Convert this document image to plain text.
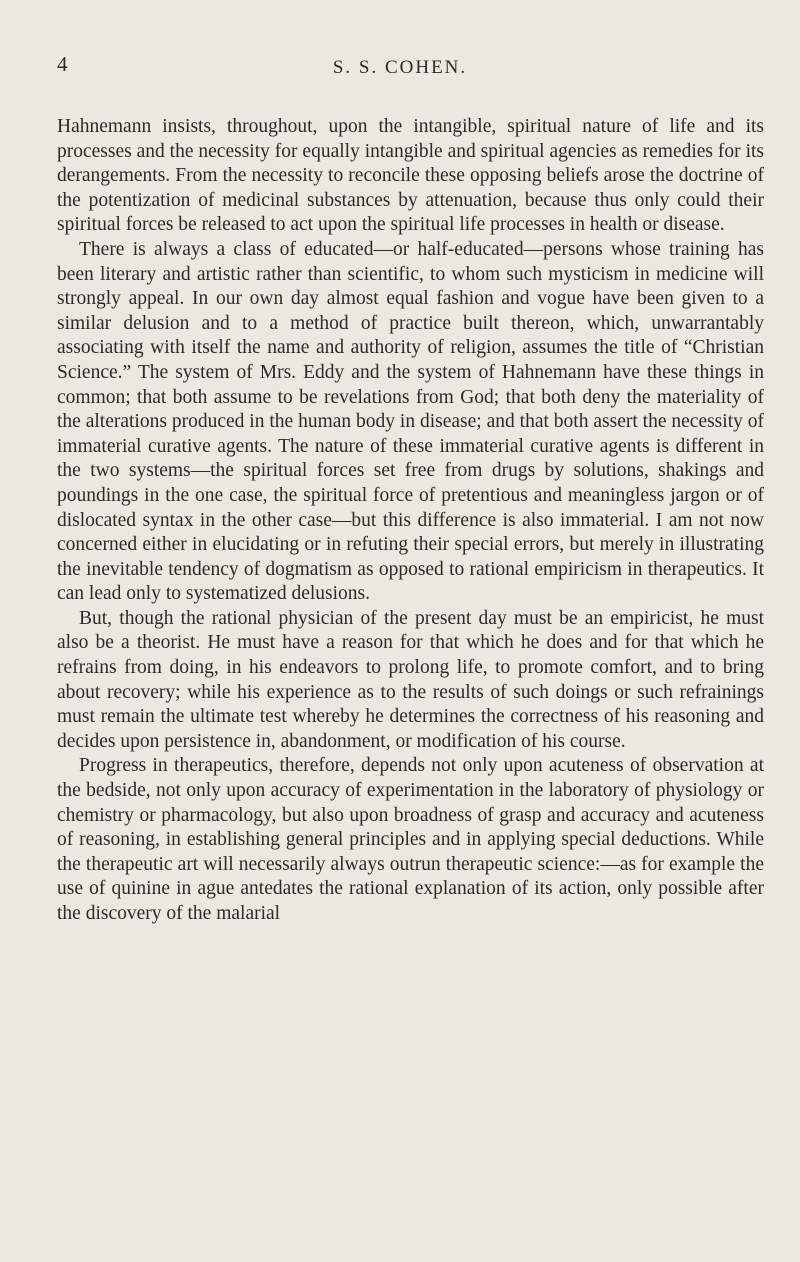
4	S. S. COHEN.

Hahnemann insists, throughout, upon the intangible, spiritual nature of life and its processes and the necessity for equally intangible and spiritual agencies as remedies for its derangements. From the necessity to reconcile these opposing beliefs arose the doctrine of the potentization of medicinal substances by attenuation, because thus only could their spiritual forces be released to act upon the spiritual life processes in health or disease.

There is always a class of educated—or half-educated—persons whose training has been literary and artistic rather than scientific, to whom such mysticism in medicine will strongly appeal. In our own day almost equal fashion and vogue have been given to a similar delusion and to a method of practice built thereon, which, unwarrantably associating with itself the name and authority of religion, assumes the title of “Christian Science.” The system of Mrs. Eddy and the system of Hahnemann have these things in common; that both assume to be revelations from God; that both deny the materiality of the alterations produced in the human body in disease; and that both assert the necessity of immaterial curative agents. The nature of these immaterial curative agents is different in the two systems—the spiritual forces set free from drugs by solutions, shakings and poundings in the one case, the spiritual force of pretentious and meaningless jargon or of dislocated syntax in the other case—but this difference is also immaterial. I am not now concerned either in elucidating or in refuting their special errors, but merely in illustrating the inevitable tendency of dogmatism as opposed to rational empiricism in therapeutics. It can lead only to systematized delusions.

But, though the rational physician of the present day must be an empiricist, he must also be a theorist. He must have a reason for that which he does and for that which he refrains from doing, in his endeavors to prolong life, to promote comfort, and to bring about recovery; while his experience as to the results of such doings or such refrainings must remain the ultimate test whereby he determines the correctness of his reasoning and decides upon persistence in, abandonment, or modification of his course.

Progress in therapeutics, therefore, depends not only upon acuteness of observation at the bedside, not only upon accuracy of experimentation in the laboratory of physiology or chemistry or pharmacology, but also upon broadness of grasp and accuracy and acuteness of reasoning, in establishing general principles and in applying special deductions. While the therapeutic art will necessarily always outrun therapeutic science:—as for example the use of quinine in ague antedates the rational explanation of its action, only possible after the discovery of the malarial
